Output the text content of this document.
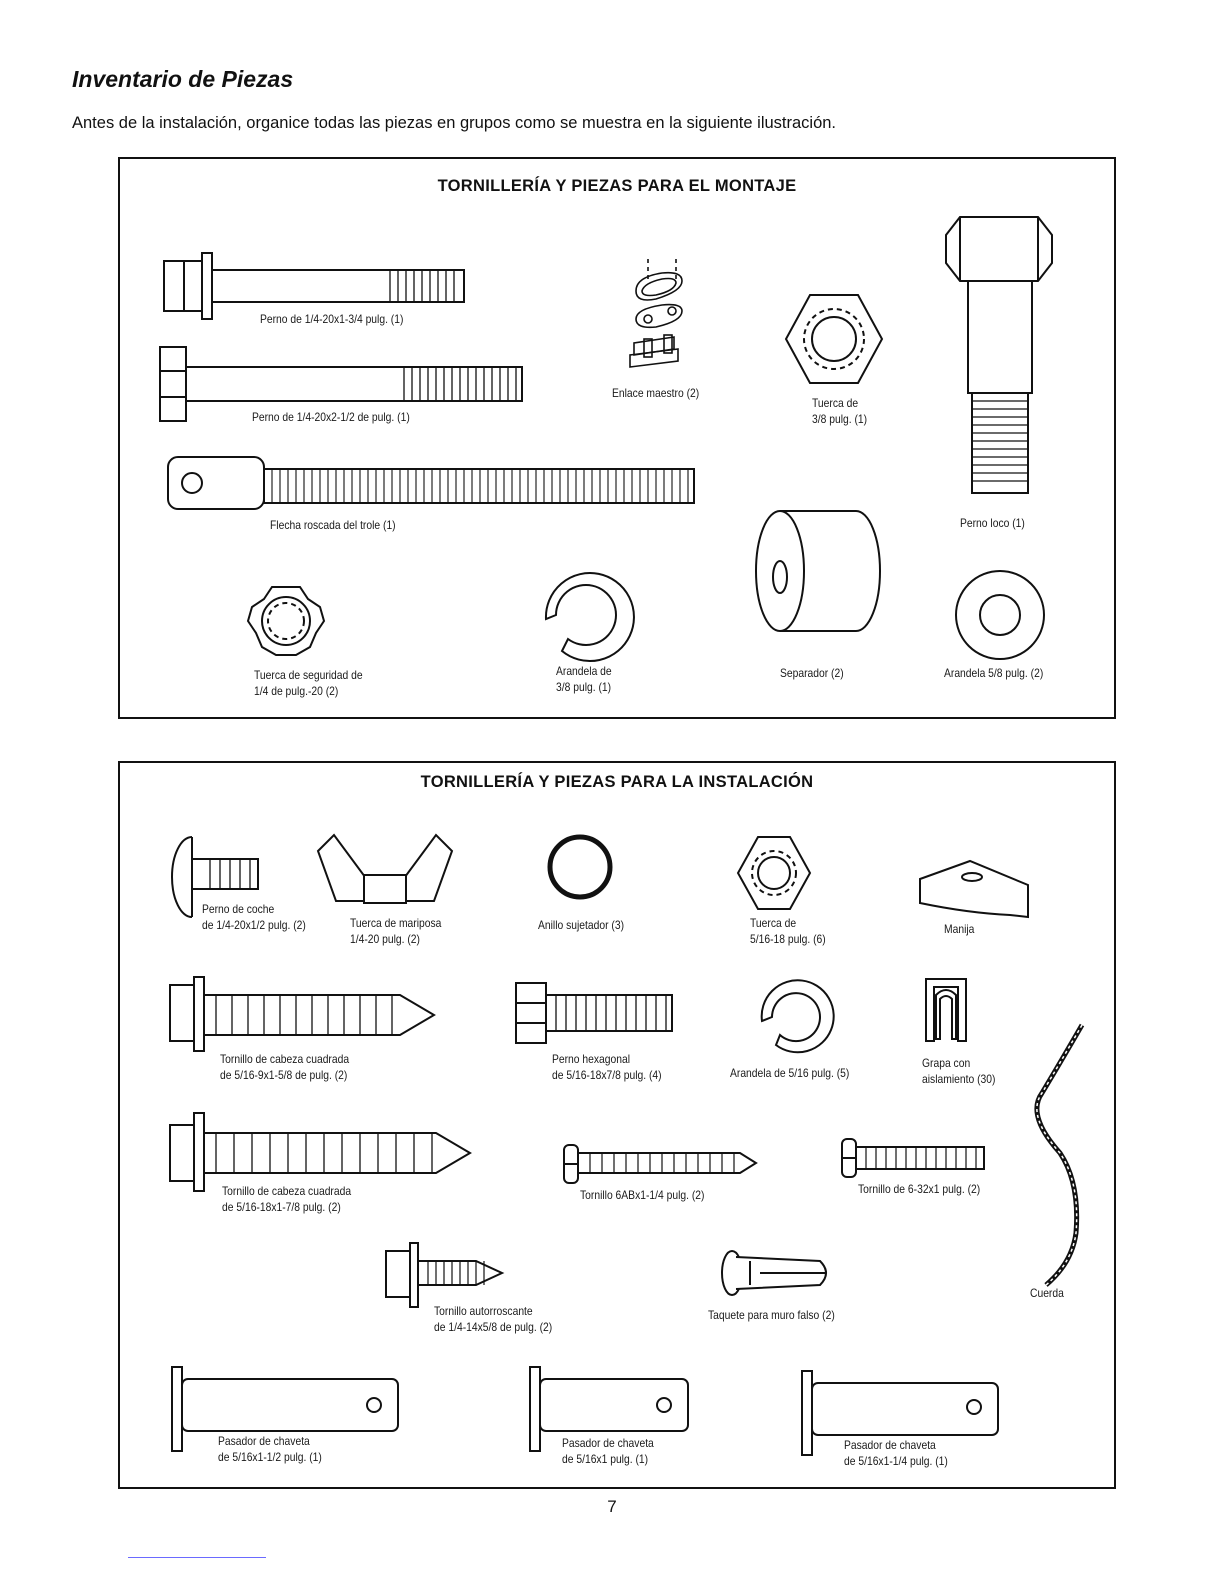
Inventario de Piezas

Antes de la instalación, organice todas las piezas en grupos como se muestra en la siguiente ilustración.

TORNILLERÍA Y PIEZAS PARA EL MONTAJE
Perno de 1/4-20x1-3/4 pulg. (1)
Perno de 1/4-20x2-1/2 de pulg. (1)
Enlace maestro (2)
Tuerca de
3/8 pulg. (1)
Perno loco (1)
Flecha roscada del trole (1)
Tuerca de seguridad de
1/4 de pulg.-20 (2)
Arandela de
3/8 pulg. (1)
Separador (2)	Arandela 5/8 pulg. (2)
TORNILLERÍA Y PIEZAS PARA LA INSTALACIÓN
Perno de coche
de 1/4-20x1/2 pulg. (2)	Tuerca de mariposa
1/4-20 pulg. (2)
Anillo sujetador (3)	Tuerca de
5/16-18 pulg. (6)
Manija
Tornillo de cabeza cuadrada
de 5/16-9x1-5/8 de pulg. (2)
Perno hexagonal
de 5/16-18x7/8 pulg. (4)	Arandela de 5/16 pulg. (5)
Grapa con
aislamiento (30)
Tornillo de cabeza cuadrada
de 5/16-18x1-7/8 pulg. (2)
Tornillo 6ABx1-1/4 pulg. (2)	Tornillo de 6-32x1 pulg. (2)
Tornillo autorroscante
de 1/4-14x5/8 de pulg. (2)
Taquete para muro falso (2)
Cuerda
Pasador de chaveta
de 5/16x1-1/2 pulg. (1)
Pasador de chaveta
de 5/16x1 pulg. (1)
Pasador de chaveta
de 5/16x1-1/4 pulg. (1)
7
